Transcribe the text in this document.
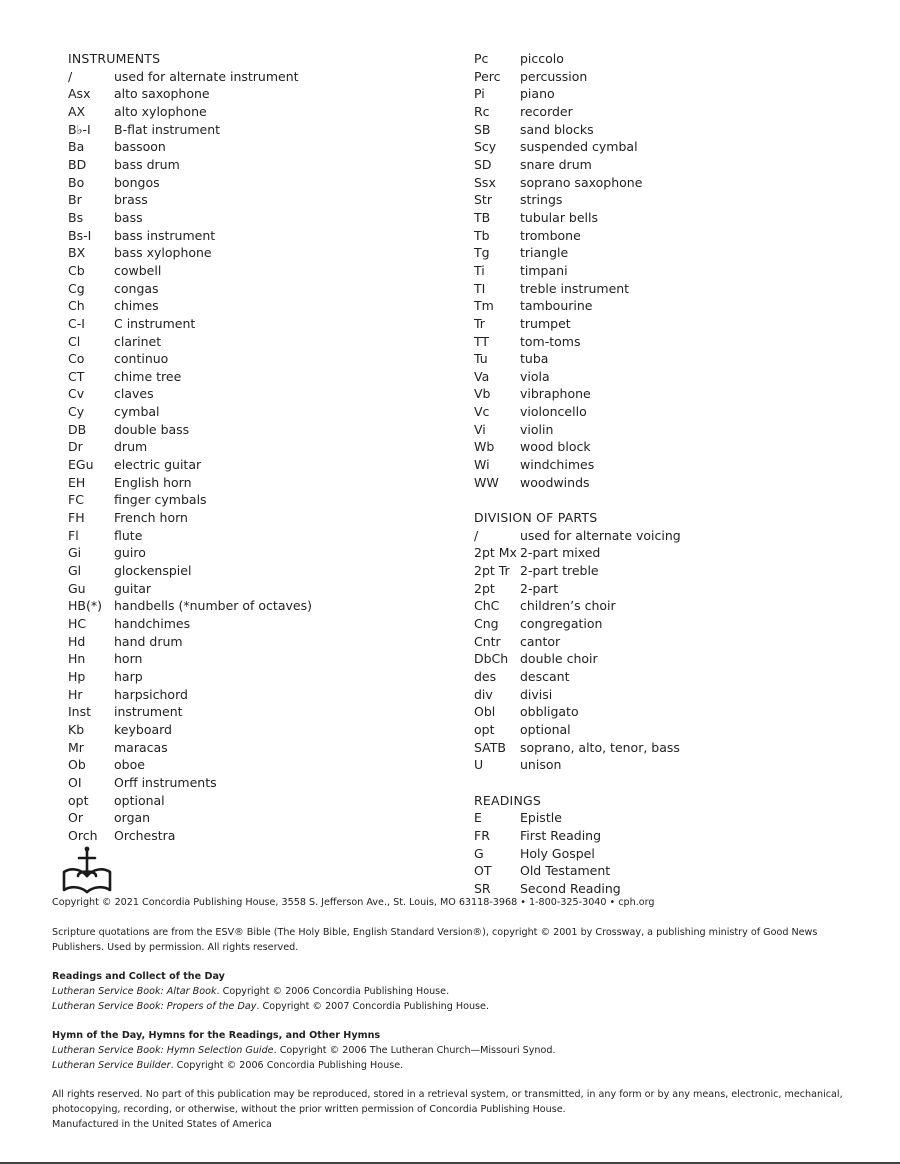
INSTRUMENTS
/	used for alternate instrument
Asx	alto saxophone
AX	alto xylophone
B♭-I	B-flat instrument
Ba	bassoon
BD	bass drum
Bo	bongos
Br	brass
Bs	bass
Bs-I	bass instrument
BX	bass xylophone
Cb	cowbell
Cg	congas
Ch	chimes
C-I	C instrument
Cl	clarinet
Co	continuo
CT	chime tree
Cv	claves
Cy	cymbal
DB	double bass
Dr	drum
EGu	electric guitar
EH	English horn
FC	finger cymbals
FH	French horn
Fl	flute
Gi	guiro
Gl	glockenspiel
Gu	guitar
HB(*) handbells (*number of octaves)
HC	handchimes
Hd	hand drum
Hn	horn
Hp	harp
Hr	harpsichord
Inst	instrument
Kb	keyboard
Mr	maracas
Ob	oboe
OI	Orff instruments
opt	optional
Or	organ
Orch	Orchestra
Pc	piccolo
Perc	percussion
Pi	piano
Rc	recorder
SB	sand blocks
Scy	suspended cymbal
SD	snare drum
Ssx	soprano saxophone
Str	strings
TB	tubular bells
Tb	trombone
Tg	triangle
Ti	timpani
TI	treble instrument
Tm	tambourine
Tr	trumpet
TT	tom-toms
Tu	tuba
Va	viola
Vb	vibraphone
Vc	violoncello
Vi	violin
Wb	wood block
Wi	windchimes
WW	woodwinds
DIVISION OF PARTS
/	used for alternate voicing
2pt Mx 2-part mixed
2pt Tr 2-part treble
2pt	2-part
ChC	children’s choir
Cng	congregation
Cntr	cantor
DbCh double choir
des	descant
div	divisi
Obl	obbligato
opt	optional
SATB	soprano, alto, tenor, bass
U	unison
READINGS
E	Epistle
FR	First Reading
G	Holy Gospel
OT	Old Testament
SR	Second Reading

Copyright © 2021 Concordia Publishing House, 3558 S. Jefferson Ave., St. Louis, MO 63118-3968 • 1-800-325-3040 • cph.org

Scripture quotations are from the ESV® Bible (The Holy Bible, English Standard Version®), copyright © 2001 by Crossway, a publishing ministry of Good News

Publishers. Used by permission. All rights reserved.

Readings and Collect of the Day

Lutheran Service Book: Altar Book. Copyright © 2006 Concordia Publishing House.

Lutheran Service Book: Propers of the Day. Copyright © 2007 Concordia Publishing House.

Hymn of the Day, Hymns for the Readings, and Other Hymns

Lutheran Service Book: Hymn Selection Guide. Copyright © 2006 The Lutheran Church—Missouri Synod.

Lutheran Service Builder. Copyright © 2006 Concordia Publishing House.

All rights reserved. No part of this publication may be reproduced, stored in a retrieval system, or transmitted, in any form or by any means, electronic, mechanical,

photocopying, recording, or otherwise, without the prior written permission of Concordia Publishing House.

Manufactured in the United States of America
